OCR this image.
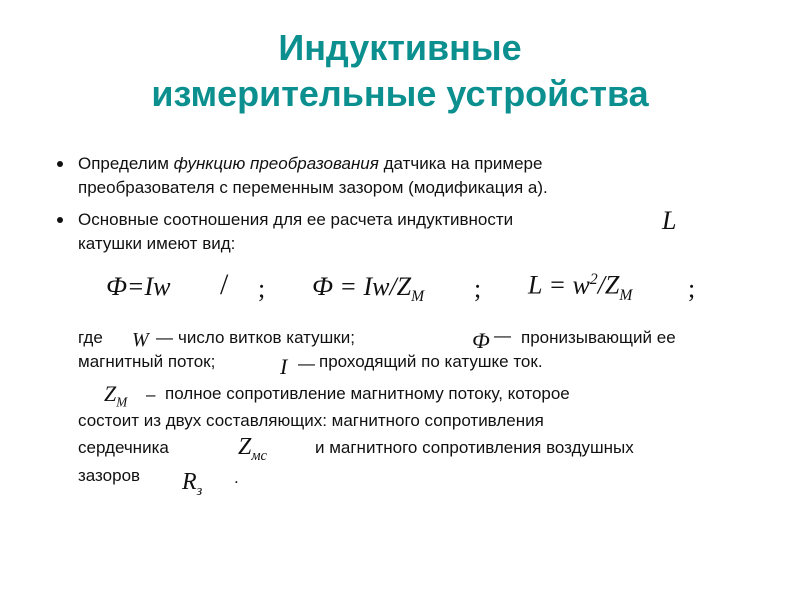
Индуктивные
измерительные устройства
Определим функцию преобразования датчика на примере
преобразователя с переменным зазором (модификация а).
Основные соотношения для ее расчета индуктивности	L
катушки имеют вид:
Ф=Iw / ; $Ф = Iw/Z_M$ ; $L = w^2/Z_M$ ;
где W — число витков катушки;	Ф — пронизывающий ее
магнитный поток;	I — проходящий по катушке ток.
$Z_M$ – полное сопротивление магнитному потоку, которое
состоит из двух составляющих: магнитного сопротивления
сердечника	$Z_{мс}$	и магнитного сопротивления воздушных
зазоров $R_з$
.
